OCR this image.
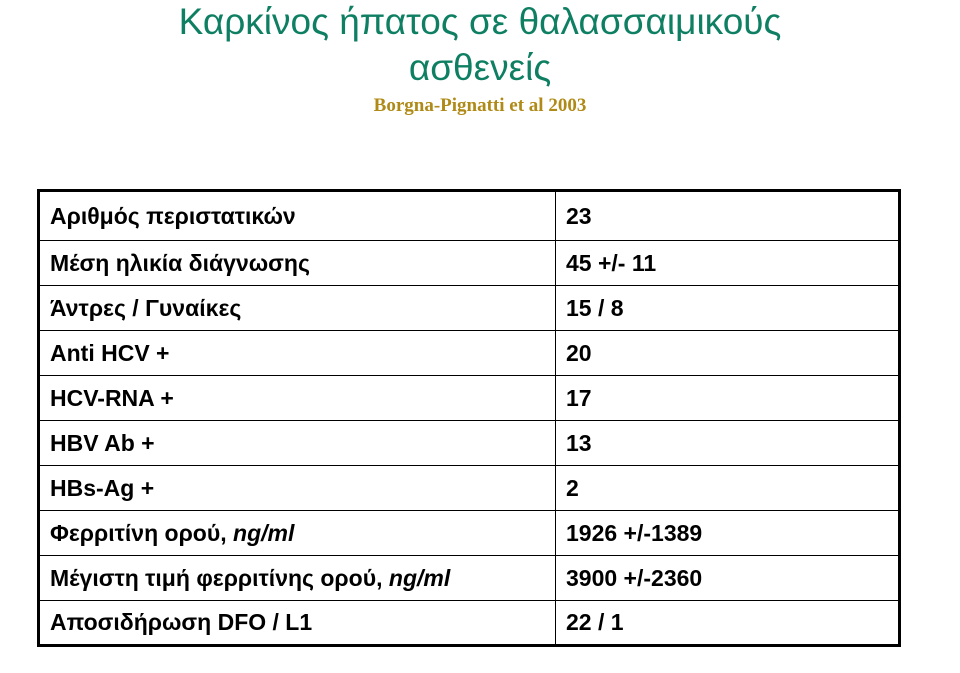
Καρκίνος ήπατος σε θαλασσαιμικούς
ασθενείς
Borgna-Pignatti et al 2003
Αριθμός περιστατικών	23
Μέση ηλικία διάγνωσης	45 +/- 11
Άντρες / Γυναίκες	15 / 8
Anti HCV +	20
HCV-RNA +	17
HBV Ab +	13
HBs-Ag +	2
Φερριτίνη ορού, ng/ml	1926 +/-1389
Μέγιστη τιμή φερριτίνης ορού, ng/ml	3900 +/-2360
Αποσιδήρωση DFO / L1	22 / 1
